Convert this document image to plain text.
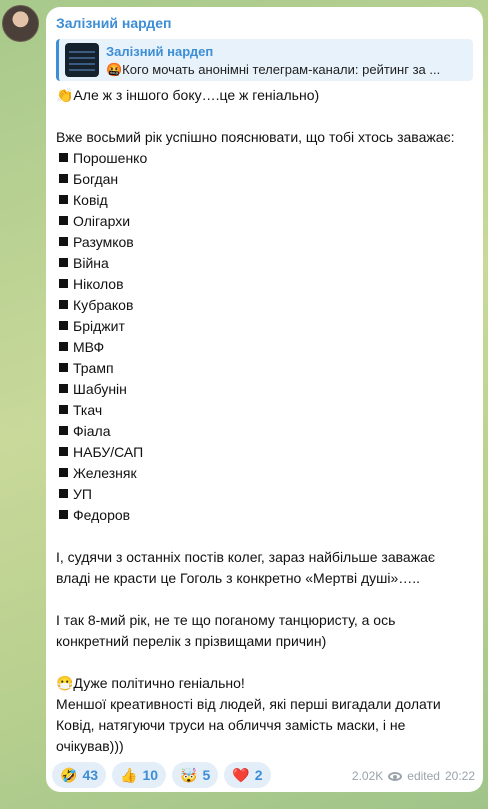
Залізний нардеп
Залізний нардеп
🤬Кого мочать анонімні телеграм-канали: рейтинг за ...
👏Але ж з іншого боку….це ж геніально)
Вже восьмий рік успішно пояснювати, що тобі хтось заважає:
Порошенко
Богдан
Ковід
Олігархи
Разумков
Війна
Ніколов
Кубраков
Бріджит
МВФ
Трамп
Шабунін
Ткач
Фіала
НАБУ/САП
Железняк
УП
Федоров
І, судячи з останніх постів колег, зараз найбільше заважає
владі не красти це Гоголь з конкретно «Мертві душі»…..
І так 8-мий рік, не те що поганому танцюристу, а ось
конкретний перелік з прізвищами причин)
😷Дуже політично геніально!
Меншої креативності від людей, які перші вигадали долати
Ковід, натягуючи труси на обличчя замість маски, і не
очікував)))
🤣 43 👍 10 🤯 5 ❤️ 2	2.02K edited 20:22
